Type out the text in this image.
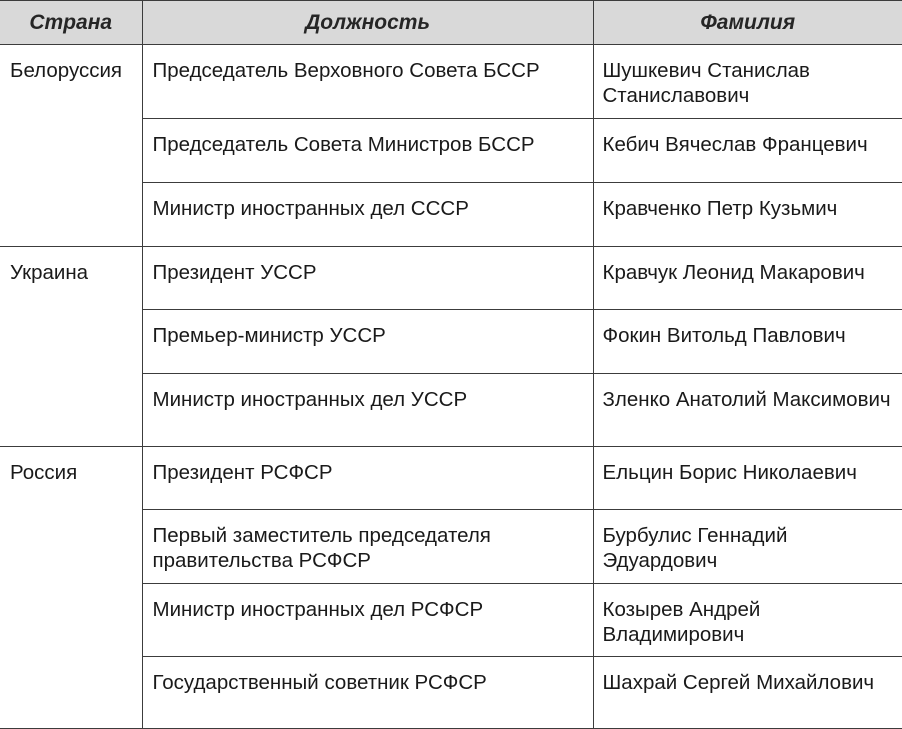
Страна	Должность	Фамилия

Белоруссия	Председатель Верховного Совета БССР	Шушкевич Станислав Станиславович

	Председатель Совета Министров БССР	Кебич Вячеслав Францевич

	Министр иностранных дел СССР	Кравченко Петр Кузьмич

Украина	Президент УССР	Кравчук Леонид Макарович

	Премьер-министр УССР	Фокин Витольд Павлович

	Министр иностранных дел УССР	Зленко Анатолий Максимович

Россия	Президент РСФСР	Ельцин Борис Николаевич

	Первый заместитель председателя правительства РСФСР	Бурбулис Геннадий Эдуардович

	Министр иностранных дел РСФСР	Козырев Андрей Владимирович

	Государственный советник РСФСР	Шахрай Сергей Михайлович
